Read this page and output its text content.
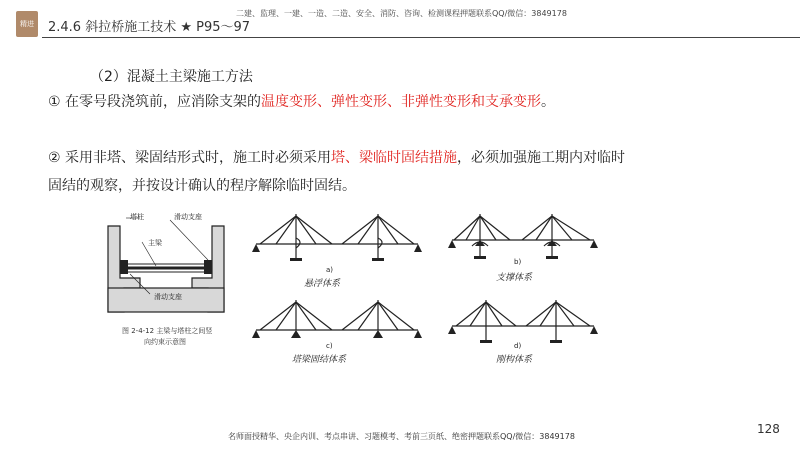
精进	2.4.6 斜拉桥施工技术 ★ P95～97
二建、监理、一建、一造、二造、安全、消防、咨询、检测课程押题联系QQ/微信：3849178
（2）混凝土主梁施工方法
① 在零号段浇筑前，应消除支架的温度变形、弹性变形、非弹性变形和支承变形。
② 采用非塔、梁固结形式时，施工时必须采用塔、梁临时固结措施，必须加强施工期内对临时固结的观察，并按设计确认的程序解除临时固结。
塔柱	滑动支座
主梁
滑动支座
图 2-4-12 主梁与塔柱之间竖
向约束示意图
a)
悬浮体系
b)
支撑体系
c)
塔梁固结体系
d)
刚构体系
名师面授精华、央企内训、考点串讲、习题模考、考前三页纸、绝密押题联系QQ/微信：3849178
128
